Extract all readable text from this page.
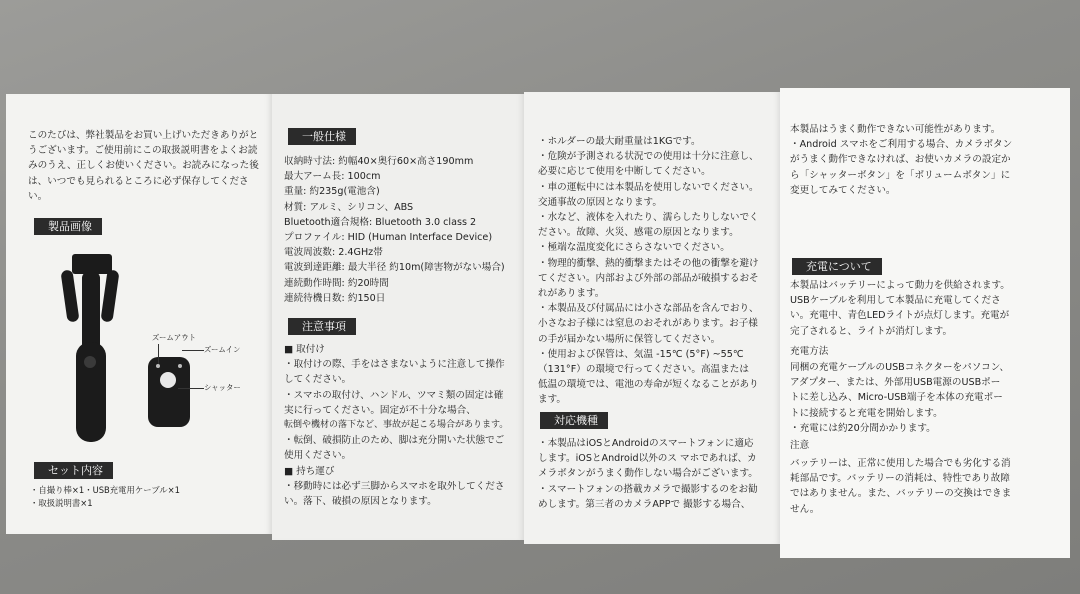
このたびは、弊社製品をお買い上げいただきありがと
うございます。ご使用前にこの取扱説明書をよくお読
みのうえ、正しくお使いください。お読みになった後
は、いつでも見られるところに必ず保存してくださ
い。
製品画像
ズームアウト
ズームイン
シャッター
セット内容
・自撮り棒×1・USB充電用ケーブル×1
・取扱説明書×1
一般仕様
収納時寸法: 約幅40×奥行60×高さ190mm
最大アーム長: 100cm
重量: 約235g(電池含)
材質: アルミ、シリコン、ABS
Bluetooth適合規格: Bluetooth 3.0 class 2
プロファイル: HID (Human Interface Device)
電波周波数: 2.4GHz帯
電波到達距離: 最大半径 約10m(障害物がない場合)
連続動作時間: 約20時間
連続待機日数: 約150日
注意事項
■ 取付け
・取付けの際、手をはさまないように注意して操作
してください。
・スマホの取付け、ハンドル、ツマミ類の固定は確
実に行ってください。固定が不十分な場合、
転倒や機材の落下など、事故が起こる場合があります。
・転倒、破損防止のため、脚は充分開いた状態でご
使用ください。
■ 持ち運び
・移動時には必ず三脚からスマホを取外してくださ
い。落下、破損の原因となります。
・ホルダーの最大耐重量は1KGです。
・危険が予測される状況での使用は十分に注意し、
必要に応じて使用を中断してください。
・車の運転中には本製品を使用しないでください。
交通事故の原因となります。
・水など、液体を入れたり、濡らしたりしないでく
ださい。故障、火災、感電の原因となります。
・極端な温度変化にさらさないでください。
・物理的衝撃、熱的衝撃またはその他の衝撃を避け
てください。内部および外部の部品が破損するおそ
れがあります。
・本製品及び付属品には小さな部品を含んでおり、
小さなお子様には窒息のおそれがあります。お子様
の手が届かない場所に保管してください。
・使用および保管は、気温 -15℃ (5°F) ~55℃
（131°F）の環境で行ってください。高温または
低温の環境では、電池の寿命が短くなることがあり
ます。
対応機種
・本製品はiOSとAndroidのスマートフォンに適応
します。iOSとAndroid以外のス マホであれば、カ
メラボタンがうまく動作しない場合がございます。
・スマートフォンの搭載カメラで撮影するのをお勧
めします。第三者のカメラAPPで 撮影する場合、
本製品はうまく動作できない可能性があります。
・Android スマホをご利用する場合、カメラボタン
がうまく動作できなければ、お使いカメラの設定か
ら「シャッターボタン」を「ボリュームボタン」に
変更してみてください。
充電について
本製品はバッテリーによって動力を供給されます。
USBケーブルを利用して本製品に充電してくださ
い。充電中、青色LEDライトが点灯します。充電が
完了されると、ライトが消灯します。
充電方法
同梱の充電ケーブルのUSBコネクターをパソコン、
アダプター、または、外部用USB電源のUSBポー
トに差し込み、Micro-USB端子を本体の充電ポー
トに接続すると充電を開始します。
・充電には約20分間かかります。
注意
バッテリーは、正常に使用した場合でも劣化する消
耗部品です。バッテリーの消耗は、特性であり故障
ではありません。また、バッテリーの交換はできま
せん。
